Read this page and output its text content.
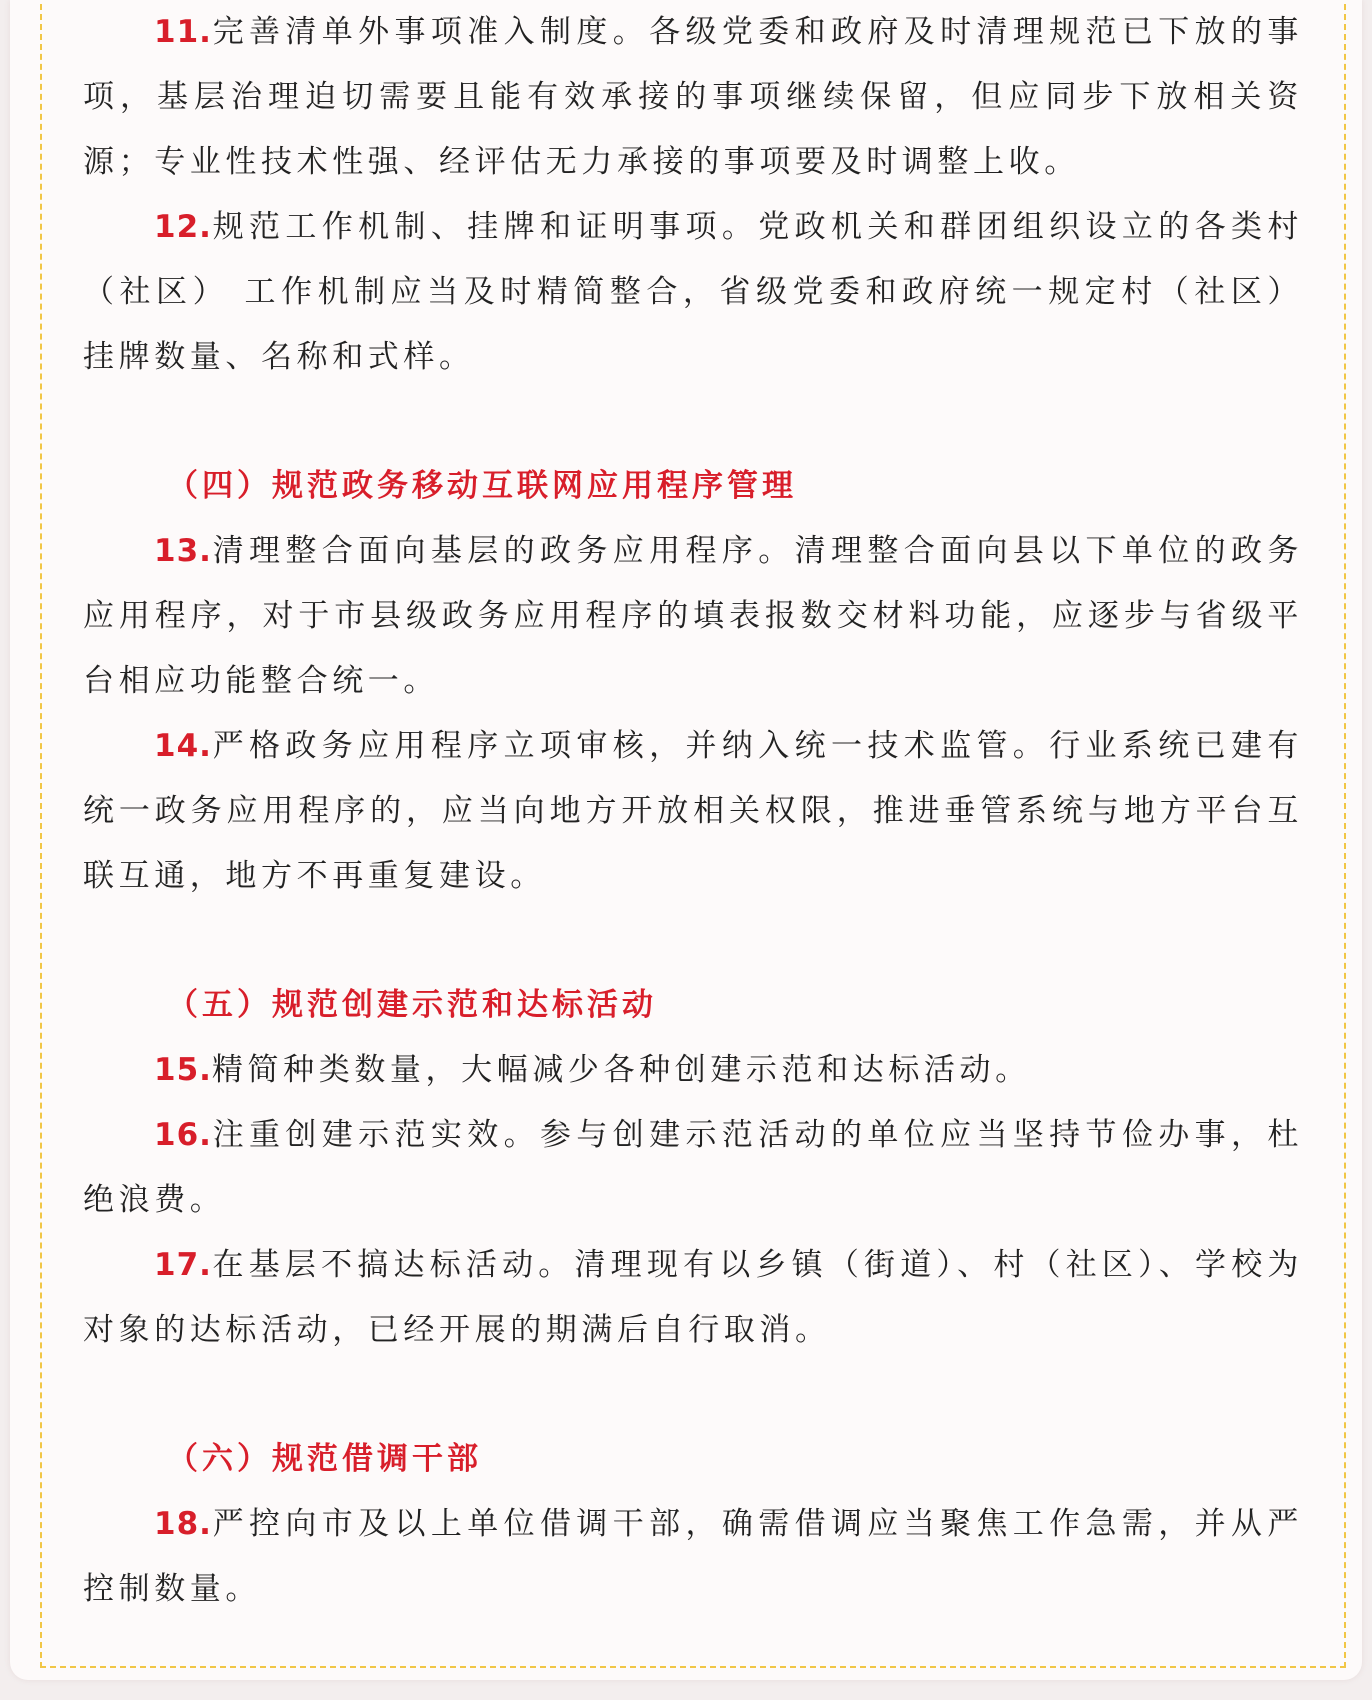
11.完善清单外事项准入制度。各级党委和政府及时清理规范已下放的事项，基层治理迫切需要且能有效承接的事项继续保留，但应同步下放相关资源；专业性技术性强、经评估无力承接的事项要及时调整上收。

12.规范工作机制、挂牌和证明事项。党政机关和群团组织设立的各类村（社区） 工作机制应当及时精简整合，省级党委和政府统一规定村（社区）挂牌数量、名称和式样。

（四）规范政务移动互联网应用程序管理

13.清理整合面向基层的政务应用程序。清理整合面向县以下单位的政务应用程序，对于市县级政务应用程序的填表报数交材料功能，应逐步与省级平台相应功能整合统一。

14.严格政务应用程序立项审核，并纳入统一技术监管。行业系统已建有统一政务应用程序的，应当向地方开放相关权限，推进垂管系统与地方平台互联互通，地方不再重复建设。

（五）规范创建示范和达标活动

15.精简种类数量，大幅减少各种创建示范和达标活动。

16.注重创建示范实效。参与创建示范活动的单位应当坚持节俭办事，杜绝浪费。

17.在基层不搞达标活动。清理现有以乡镇（街道）、村（社区）、学校为对象的达标活动，已经开展的期满后自行取消。

（六）规范借调干部

18.严控向市及以上单位借调干部，确需借调应当聚焦工作急需，并从严控制数量。
